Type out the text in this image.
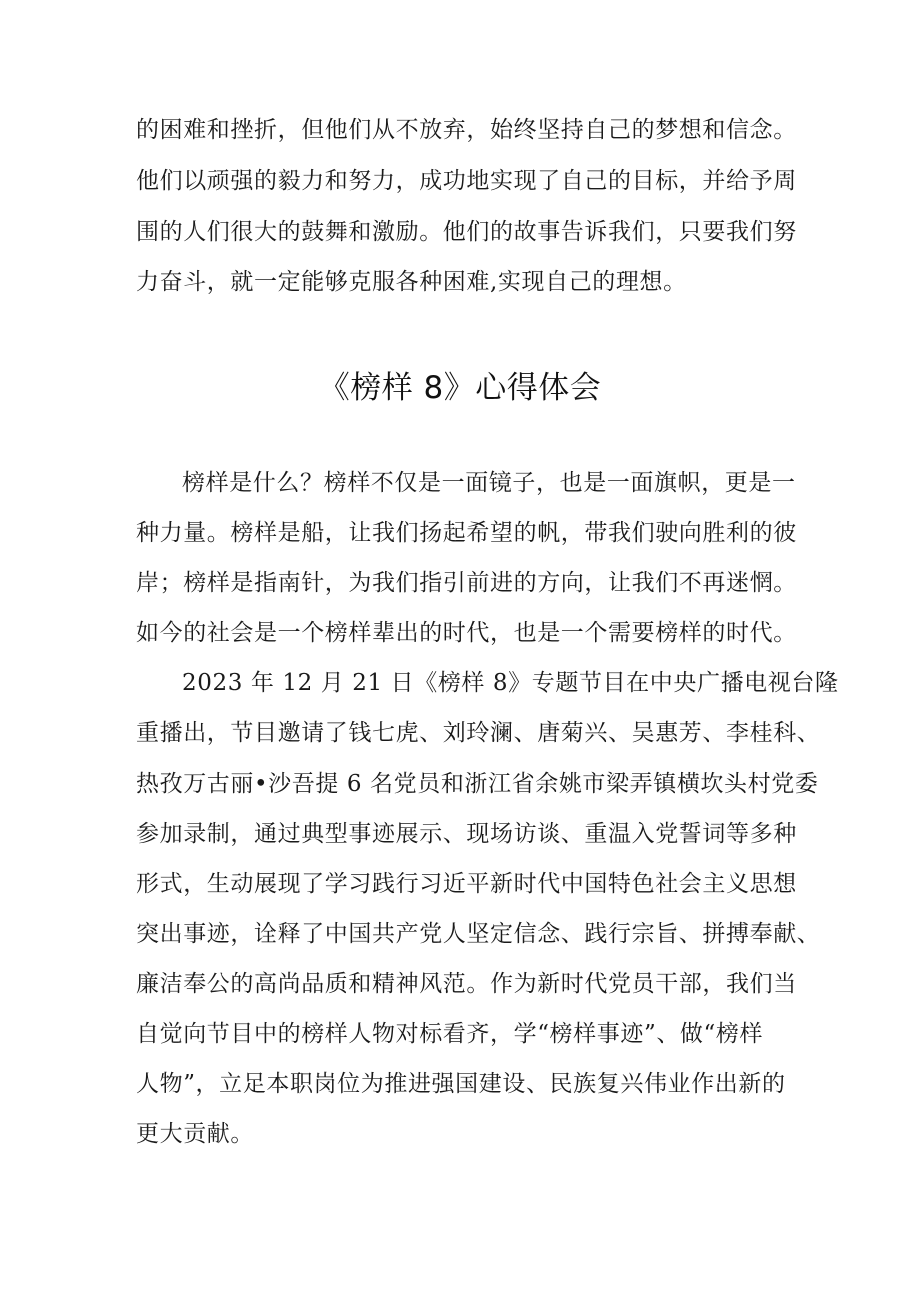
的困难和挫折，但他们从不放弃，始终坚持自己的梦想和信念。
他们以顽强的毅力和努力，成功地实现了自己的目标，并给予周
围的人们很大的鼓舞和激励。他们的故事告诉我们，只要我们努
力奋斗，就一定能够克服各种困难,实现自己的理想。
《榜样 8》心得体会
榜样是什么？榜样不仅是一面镜子，也是一面旗帜，更是一
种力量。榜样是船，让我们扬起希望的帆，带我们驶向胜利的彼
岸；榜样是指南针，为我们指引前进的方向，让我们不再迷惘。
如今的社会是一个榜样辈出的时代，也是一个需要榜样的时代。
2023 年 12 月 21 日《榜样 8》专题节目在中央广播电视台隆
重播出，节目邀请了钱七虎、刘玲澜、唐菊兴、吴惠芳、李桂科、
热孜万古丽•沙吾提 6 名党员和浙江省余姚市梁弄镇横坎头村党委
参加录制，通过典型事迹展示、现场访谈、重温入党誓词等多种
形式，生动展现了学习践行习近平新时代中国特色社会主义思想
突出事迹，诠释了中国共产党人坚定信念、践行宗旨、拼搏奉献、
廉洁奉公的高尚品质和精神风范。作为新时代党员干部，我们当
自觉向节目中的榜样人物对标看齐，学“榜样事迹”、做“榜样
人物”，立足本职岗位为推进强国建设、民族复兴伟业作出新的
更大贡献。
